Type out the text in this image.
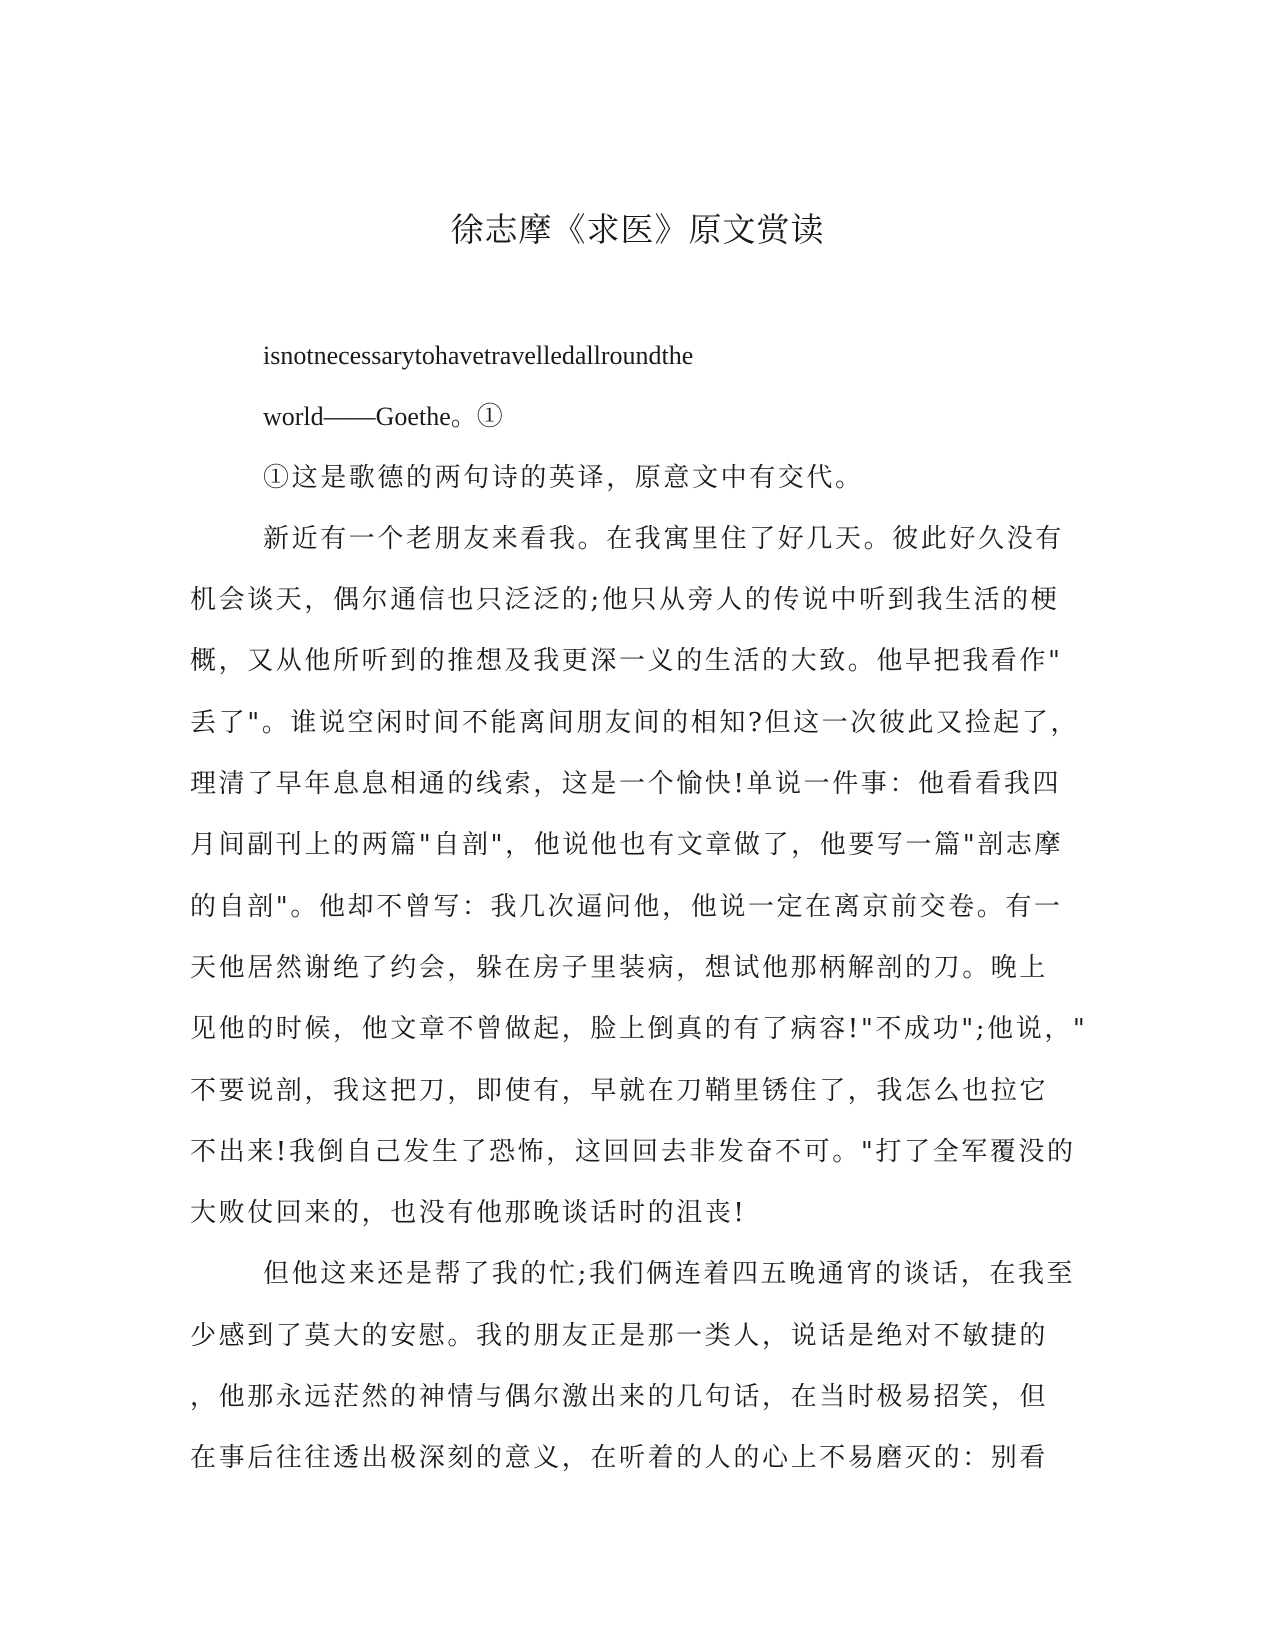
徐志摩《求医》原文赏读
isnotnecessarytohavetravelledallroundthe
world——Goethe。①
①这是歌德的两句诗的英译，原意文中有交代。
新近有一个老朋友来看我。在我寓里住了好几天。彼此好久没有
机会谈天，偶尔通信也只泛泛的;他只从旁人的传说中听到我生活的梗
概，又从他所听到的推想及我更深一义的生活的大致。他早把我看作"
丢了"。谁说空闲时间不能离间朋友间的相知?但这一次彼此又捡起了，
理清了早年息息相通的线索，这是一个愉快!单说一件事：他看看我四
月间副刊上的两篇"自剖"，他说他也有文章做了，他要写一篇"剖志摩
的自剖"。他却不曾写：我几次逼问他，他说一定在离京前交卷。有一
天他居然谢绝了约会，躲在房子里装病，想试他那柄解剖的刀。晚上
见他的时候，他文章不曾做起，脸上倒真的有了病容!"不成功";他说，"
不要说剖，我这把刀，即使有，早就在刀鞘里锈住了，我怎么也拉它
不出来!我倒自己发生了恐怖，这回回去非发奋不可。"打了全军覆没的
大败仗回来的，也没有他那晚谈话时的沮丧!
但他这来还是帮了我的忙;我们俩连着四五晚通宵的谈话，在我至
少感到了莫大的安慰。我的朋友正是那一类人，说话是绝对不敏捷的
，他那永远茫然的神情与偶尔激出来的几句话，在当时极易招笑，但
在事后往往透出极深刻的意义，在听着的人的心上不易磨灭的：别看
